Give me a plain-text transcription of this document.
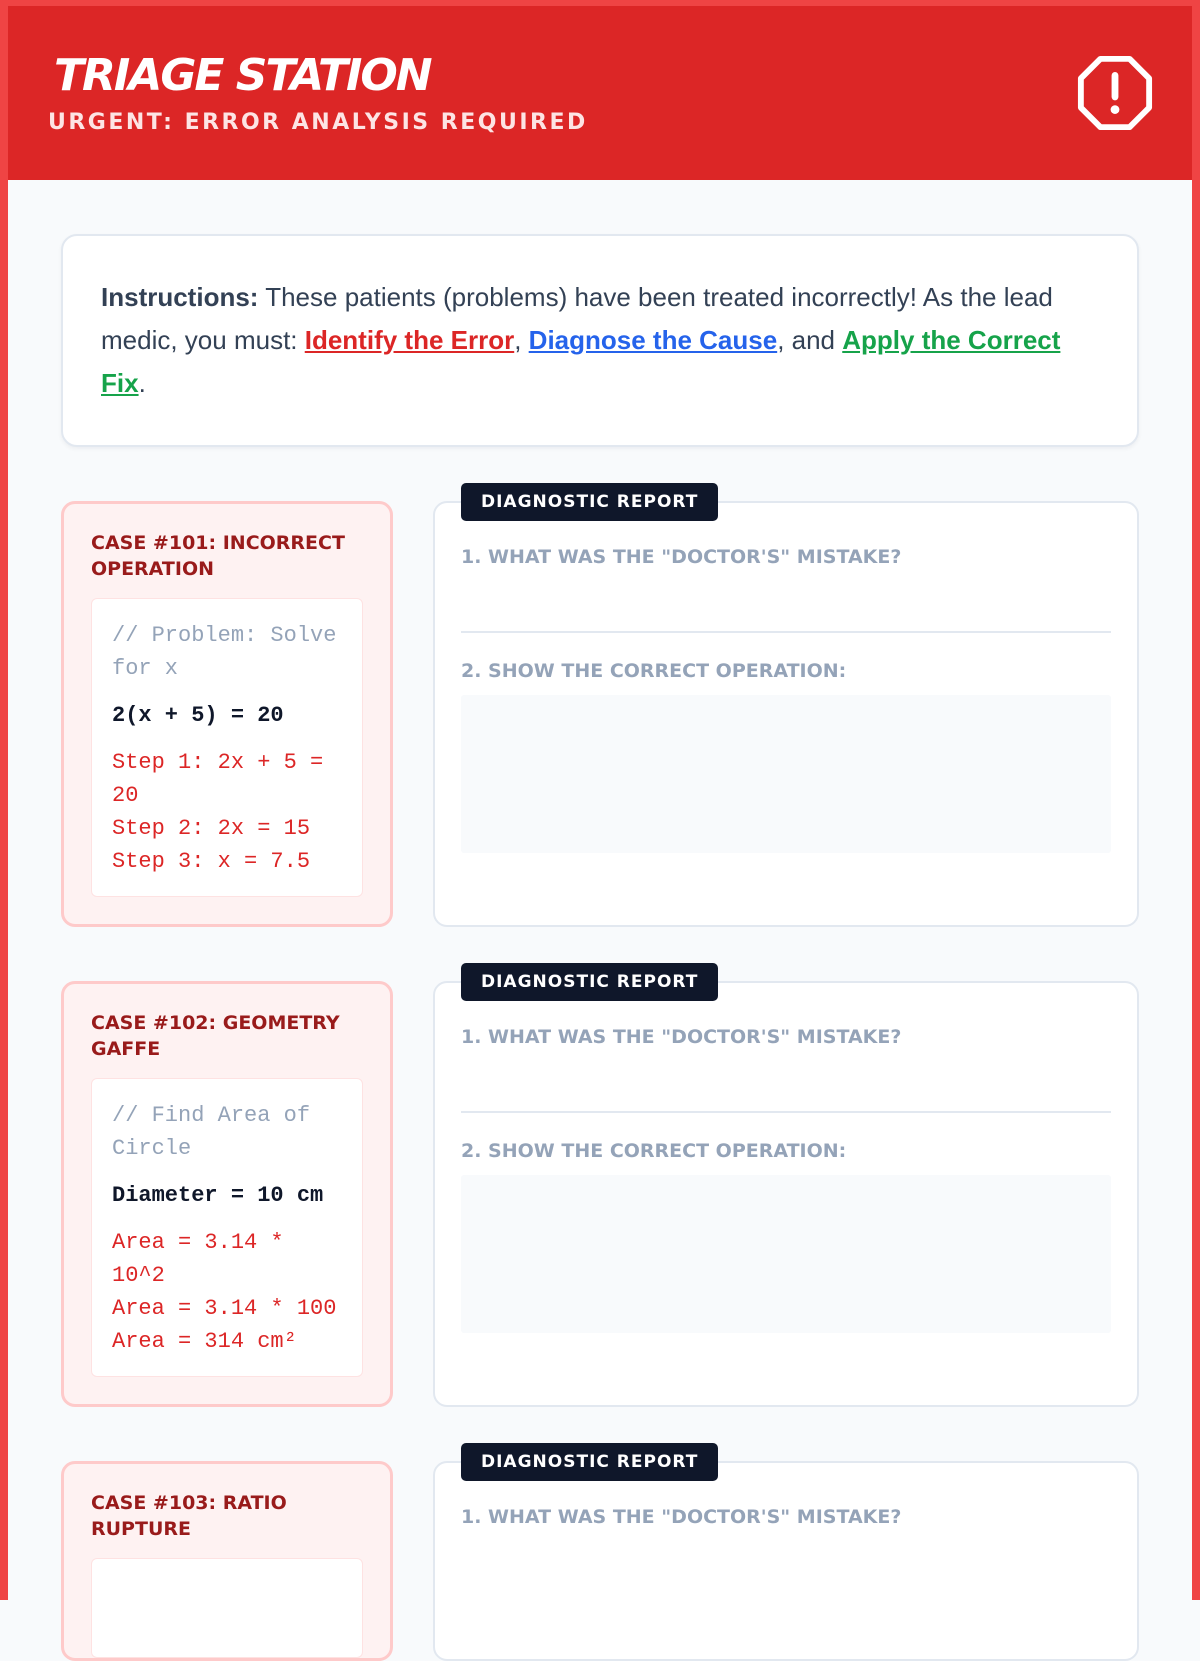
TRIAGE STATION

URGENT: ERROR ANALYSIS REQUIRED

Instructions: These patients (problems) have been treated incorrectly! As the lead medic, you must: Identify the Error, Diagnose the Cause, and Apply the Correct Fix.
CASE #101: INCORRECT OPERATION
// Problem: Solve for x
2(x + 5) = 20
Step 1: 2x + 5 = 20
Step 2: 2x = 15
Step 3: x = 7.5
DIAGNOSTIC REPORT

1. WHAT WAS THE "DOCTOR'S" MISTAKE?

2. SHOW THE CORRECT OPERATION:

CASE #102: GEOMETRY GAFFE
// Find Area of Circle
Diameter = 10 cm
Area = 3.14 * 10^2
Area = 3.14 * 100
Area = 314 cm²
DIAGNOSTIC REPORT

1. WHAT WAS THE "DOCTOR'S" MISTAKE?

2. SHOW THE CORRECT OPERATION:

CASE #103: RATIO RUPTURE
DIAGNOSTIC REPORT

1. WHAT WAS THE "DOCTOR'S" MISTAKE?
